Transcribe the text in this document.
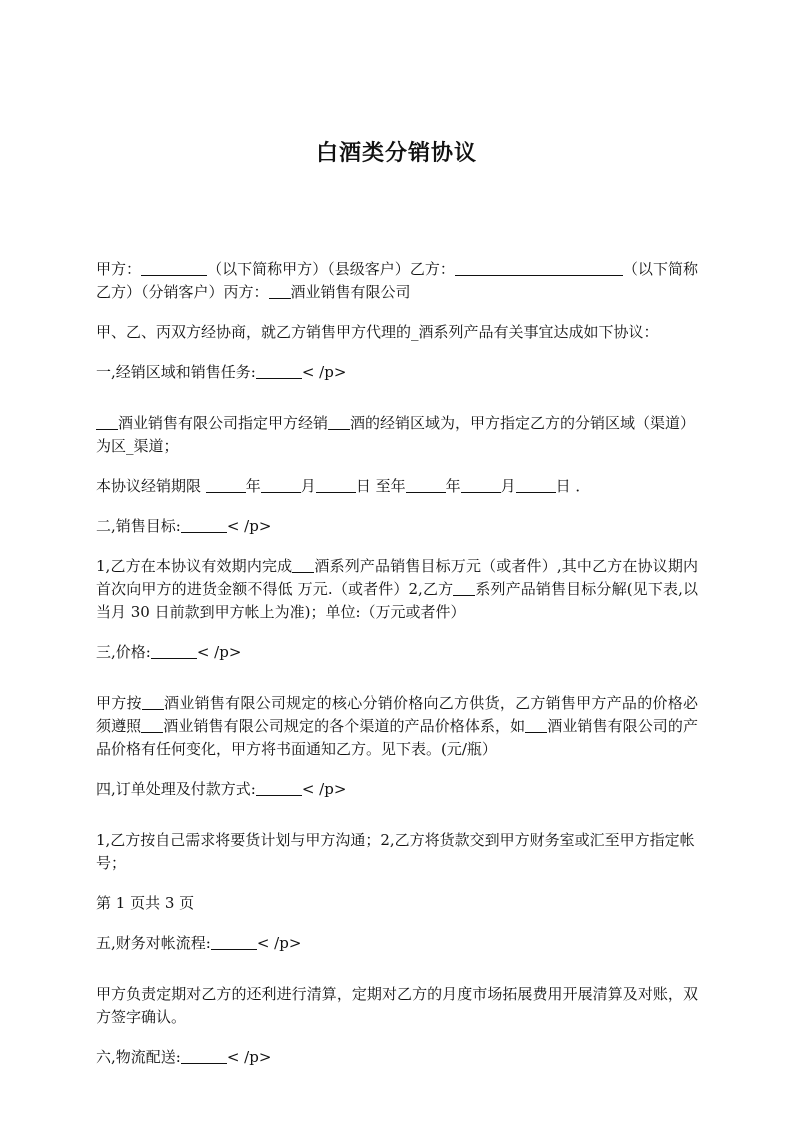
白酒类分销协议
甲方：	（以下简称甲方）（县级客户）乙方：	（以下简称乙方）（分销客户）丙方： 酒业销售有限公司
甲、乙、丙双方经协商，就乙方销售甲方代理的_酒系列产品有关事宜达成如下协议：
一,经销区域和销售任务:	< /p>
酒业销售有限公司指定甲方经销 酒的经销区域为，甲方指定乙方的分销区域（渠道）为区_渠道；
本协议经销期限	年	月	日 至年	年	月	日 ．
二,销售目标:	< /p>
1,乙方在本协议有效期内完成 酒系列产品销售目标万元（或者件）,其中乙方在协议期内首次向甲方的进货金额不得低 万元.（或者件）2,乙方 系列产品销售目标分解(见下表,以当月 30 日前款到甲方帐上为准)；单位:（万元或者件）
三,价格:	< /p>
甲方按 酒业销售有限公司规定的核心分销价格向乙方供货，乙方销售甲方产品的价格必须遵照 酒业销售有限公司规定的各个渠道的产品价格体系，如 酒业销售有限公司的产品价格有任何变化，甲方将书面通知乙方。见下表。(元/瓶）
四,订单处理及付款方式:	< /p>
1,乙方按自己需求将要货计划与甲方沟通；2,乙方将货款交到甲方财务室或汇至甲方指定帐号；
第 1 页共 3 页
五,财务对帐流程:	< /p>
甲方负责定期对乙方的还利进行清算，定期对乙方的月度市场拓展费用开展清算及对账，双方签字确认。
六,物流配送:	< /p>
